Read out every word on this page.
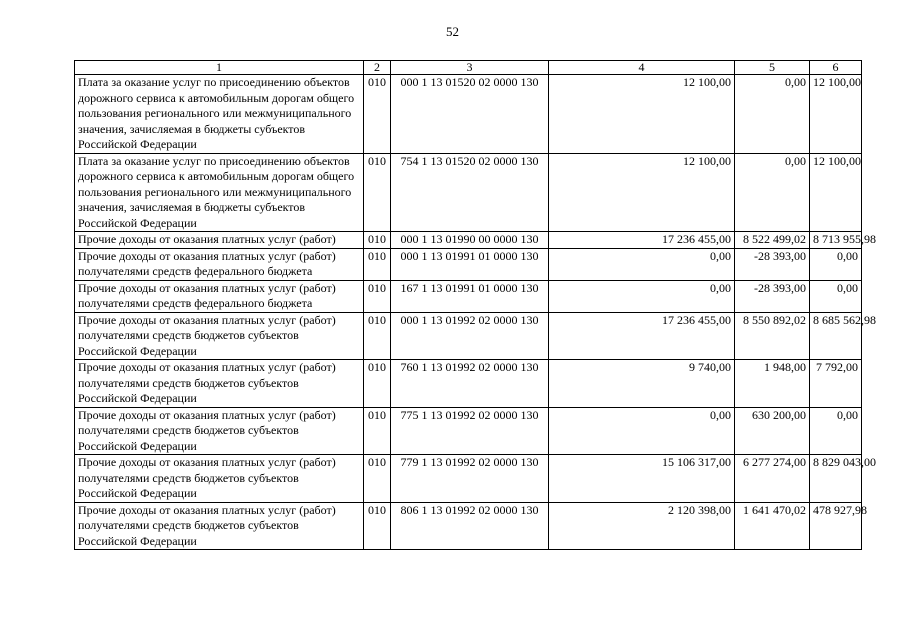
52
1	2	3	4	5	6
Плата за оказание услуг по присоединению объектов дорожного сервиса к автомобильным дорогам общего пользования регионального или межмуниципального значения, зачисляемая в бюджеты субъектов Российской Федерации	010	000 1 13 01520 02 0000 130	12 100,00	0,00	12 100,00
Плата за оказание услуг по присоединению объектов дорожного сервиса к автомобильным дорогам общего пользования регионального или межмуниципального значения, зачисляемая в бюджеты субъектов Российской Федерации	010	754 1 13 01520 02 0000 130	12 100,00	0,00	12 100,00
Прочие доходы от оказания платных услуг (работ)	010	000 1 13 01990 00 0000 130	17 236 455,00	8 522 499,02	8 713 955,98
Прочие доходы от оказания платных услуг (работ) получателями средств федерального бюджета	010	000 1 13 01991 01 0000 130	0,00	-28 393,00	0,00
Прочие доходы от оказания платных услуг (работ) получателями средств федерального бюджета	010	167 1 13 01991 01 0000 130	0,00	-28 393,00	0,00
Прочие доходы от оказания платных услуг (работ) получателями средств бюджетов субъектов Российской Федерации	010	000 1 13 01992 02 0000 130	17 236 455,00	8 550 892,02	8 685 562,98
Прочие доходы от оказания платных услуг (работ) получателями средств бюджетов субъектов Российской Федерации	010	760 1 13 01992 02 0000 130	9 740,00	1 948,00	7 792,00
Прочие доходы от оказания платных услуг (работ) получателями средств бюджетов субъектов Российской Федерации	010	775 1 13 01992 02 0000 130	0,00	630 200,00	0,00
Прочие доходы от оказания платных услуг (работ) получателями средств бюджетов субъектов Российской Федерации	010	779 1 13 01992 02 0000 130	15 106 317,00	6 277 274,00	8 829 043,00
Прочие доходы от оказания платных услуг (работ) получателями средств бюджетов субъектов Российской Федерации	010	806 1 13 01992 02 0000 130	2 120 398,00	1 641 470,02	478 927,98
